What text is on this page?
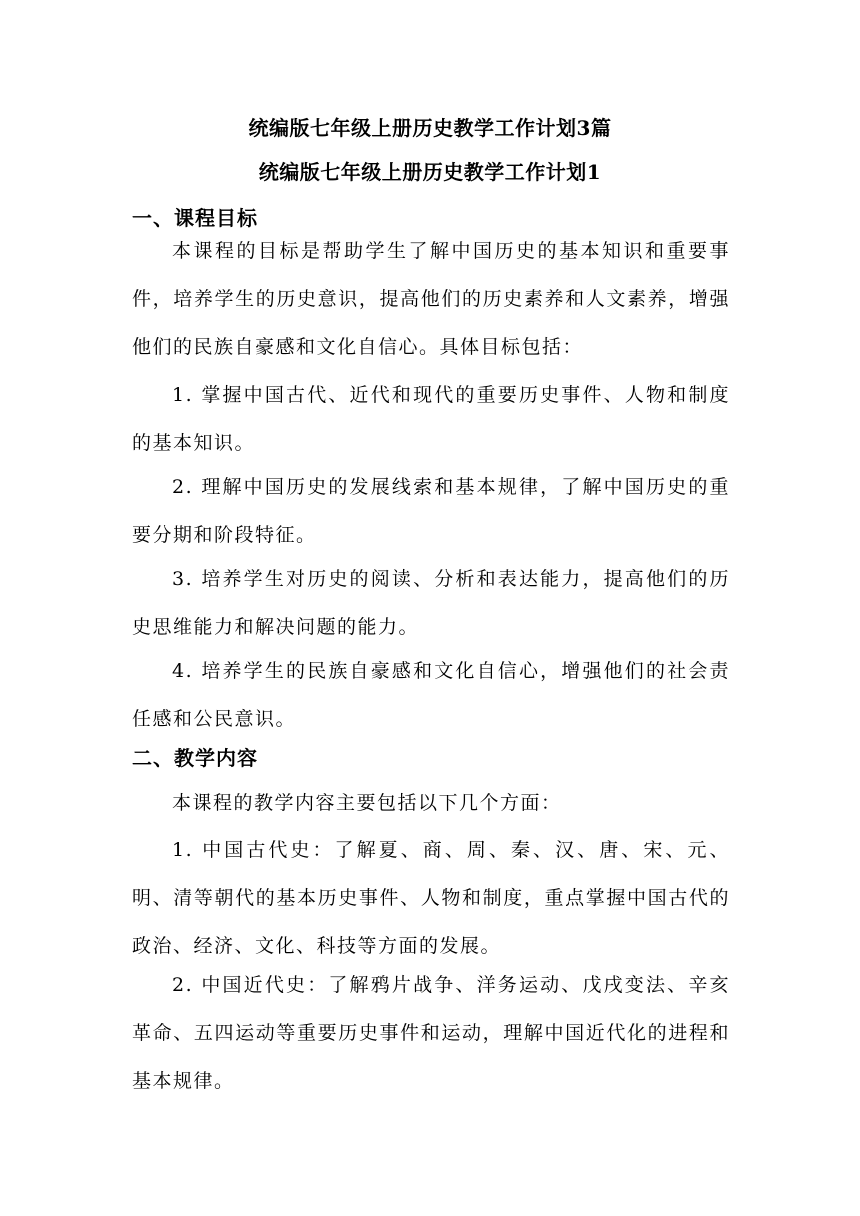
统编版七年级上册历史教学工作计划3篇
统编版七年级上册历史教学工作计划1
一、课程目标

本课程的目标是帮助学生了解中国历史的基本知识和重要事件，培养学生的历史意识，提高他们的历史素养和人文素养，增强他们的民族自豪感和文化自信心。具体目标包括：

1. 掌握中国古代、近代和现代的重要历史事件、人物和制度的基本知识。

2. 理解中国历史的发展线索和基本规律，了解中国历史的重要分期和阶段特征。

3. 培养学生对历史的阅读、分析和表达能力，提高他们的历史思维能力和解决问题的能力。

4. 培养学生的民族自豪感和文化自信心，增强他们的社会责任感和公民意识。

二、教学内容

本课程的教学内容主要包括以下几个方面：

1. 中国古代史：了解夏、商、周、秦、汉、唐、宋、元、明、清等朝代的基本历史事件、人物和制度，重点掌握中国古代的政治、经济、文化、科技等方面的发展。

2. 中国近代史：了解鸦片战争、洋务运动、戊戌变法、辛亥革命、五四运动等重要历史事件和运动，理解中国近代化的进程和基本规律。
